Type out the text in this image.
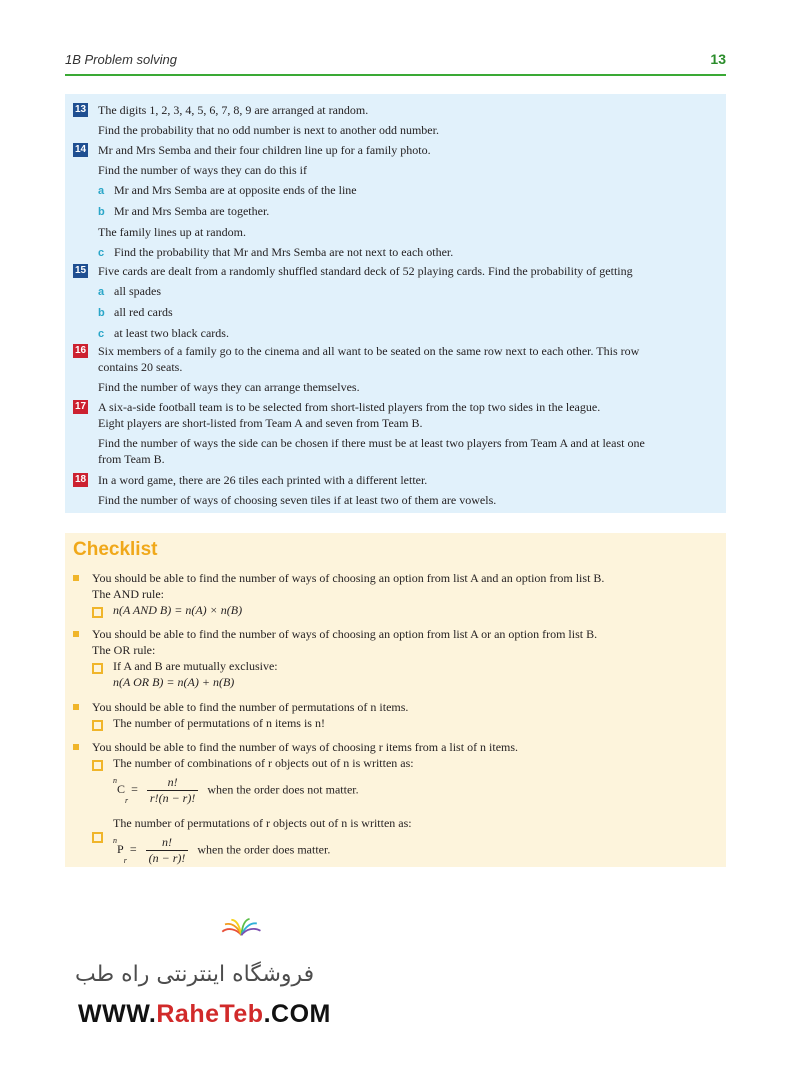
1B Problem solving	13
13 The digits 1, 2, 3, 4, 5, 6, 7, 8, 9 are arranged at random.
Find the probability that no odd number is next to another odd number.
14 Mr and Mrs Semba and their four children line up for a family photo.
Find the number of ways they can do this if
a Mr and Mrs Semba are at opposite ends of the line
b Mr and Mrs Semba are together.
The family lines up at random.
c Find the probability that Mr and Mrs Semba are not next to each other.
15 Five cards are dealt from a randomly shuffled standard deck of 52 playing cards. Find the probability of getting
a all spades
b all red cards
c at least two black cards.
16 Six members of a family go to the cinema and all want to be seated on the same row next to each other. This row
contains 20 seats.
Find the number of ways they can arrange themselves.
17 A six-a-side football team is to be selected from short-listed players from the top two sides in the league.
Eight players are short-listed from Team A and seven from Team B.
Find the number of ways the side can be chosen if there must be at least two players from Team A and at least one
from Team B.
18 In a word game, there are 26 tiles each printed with a different letter.
Find the number of ways of choosing seven tiles if at least two of them are vowels.
Checklist
You should be able to find the number of ways of choosing an option from list A and an option from list B.
The AND rule:
n(A AND B) = n(A) × n(B)
You should be able to find the number of ways of choosing an option from list A or an option from list B.
The OR rule:
If A and B are mutually exclusive:
n(A OR B) = n(A) + n(B)
You should be able to find the number of permutations of n items.
The number of permutations of n items is n!
You should be able to find the number of ways of choosing r items from a list of n items.
The number of combinations of r objects out of n is written as:
$^nC_r = \frac{n!}{r!(n - r)!}$ when the order does not matter.
The number of permutations of r objects out of n is written as:
$^nP_r = \frac{n!}{(n - r)!}$ when the order does matter.
فروشگاه اینترنتی راه طب
WWW.RaheTeb.COM
